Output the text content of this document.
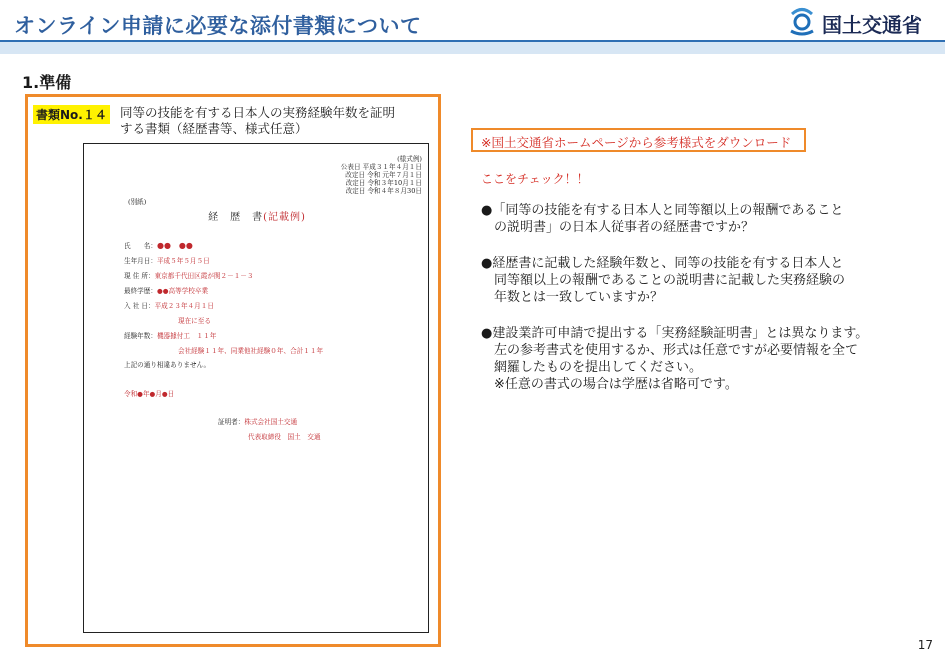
オンライン申請に必要な添付書類について	国土交通省
1.準備
書類No.１４ 同等の技能を有する日本人の実務経験年数を証明
する書類（経歴書等、様式任意）
(様式例)
公表日 平成３１年４月１日
改定日 令和 元年７月１日
改定日 令和３年10月１日
改定日 令和４年８月30日
(別紙)
経　歴　書(記載例)
氏　　名：●●　●●
生年月日：平成５年５月５日
現 住 所：東京都千代田区霞が関２－１－３
最終学歴：●●高等学校卒業
入 社 日：平成２３年４月１日
現在に至る
経験年数：機器據付工　１１年
会社経験１１年、同業他社経験０年、合計１１年
上記の通り相違ありません。
令和●年●月●日
証明者：株式会社国土交通
代表取締役　国土　交通
※国土交通省ホームページから参考様式をダウンロード
ここをチェック！！
●「同等の技能を有する日本人と同等額以上の報酬であること
　の説明書」の日本人従事者の経歴書ですか？
●経歴書に記載した経験年数と、同等の技能を有する日本人と
　同等額以上の報酬であることの説明書に記載した実務経験の
　年数とは一致していますか？
●建設業許可申請で提出する「実務経験証明書」とは異なります。
　左の参考書式を使用するか、形式は任意ですが必要情報を全て
　網羅したものを提出してください。
　※任意の書式の場合は学歴は省略可です。
17
